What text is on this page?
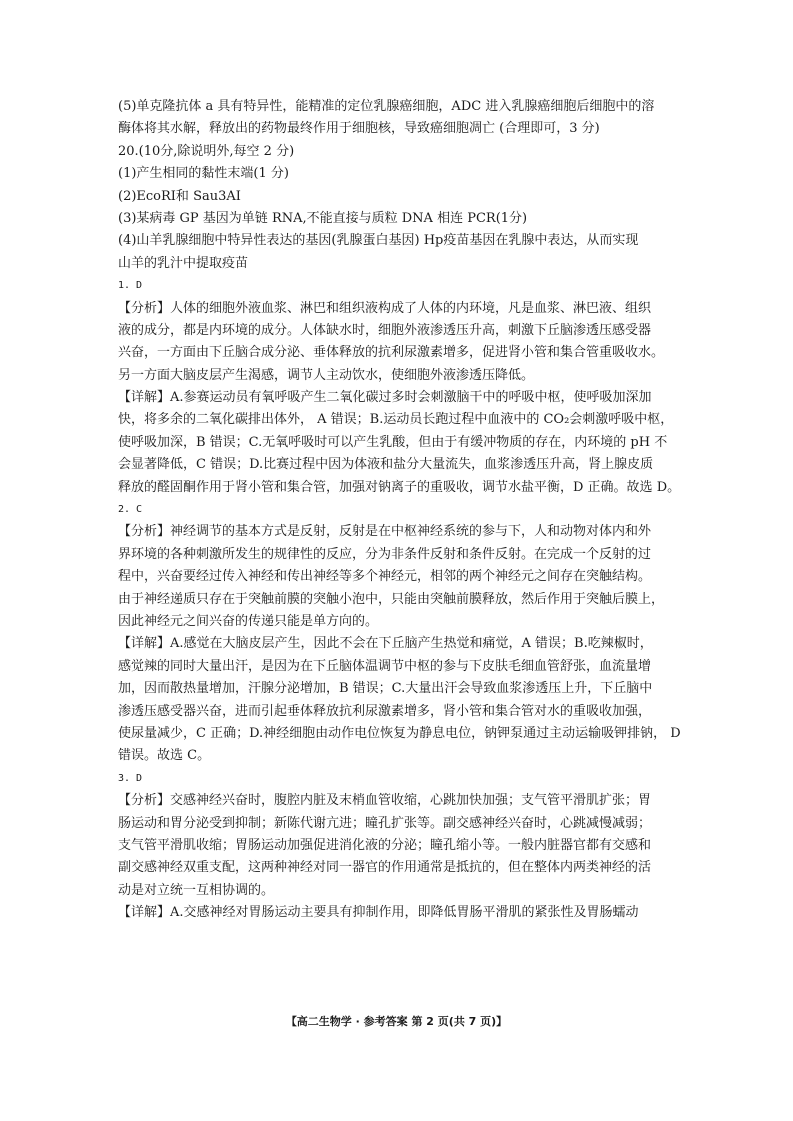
(5)单克隆抗体 a 具有特异性，能精准的定位乳腺癌细胞，ADC 进入乳腺癌细胞后细胞中的溶
酶体将其水解，释放出的药物最终作用于细胞核，导致癌细胞凋亡 (合理即可，3 分)
20.(10分,除说明外,每空 2 分)
(1)产生相同的黏性末端(1 分)
(2)EcoRI和 Sau3AI
(3)某病毒 GP 基因为单链 RNA,不能直接与质粒 DNA 相连 PCR(1分)
(4)山羊乳腺细胞中特异性表达的基因(乳腺蛋白基因) Hp疫苗基因在乳腺中表达，从而实现
山羊的乳汁中提取疫苗
1. D
【分析】人体的细胞外液血浆、淋巴和组织液构成了人体的内环境，凡是血浆、淋巴液、组织
液的成分，都是内环境的成分。人体缺水时，细胞外液渗透压升高，刺激下丘脑渗透压感受器
兴奋，一方面由下丘脑合成分泌、垂体释放的抗利尿激素增多，促进肾小管和集合管重吸收水。
另一方面大脑皮层产生渴感，调节人主动饮水，使细胞外液渗透压降低。
【详解】A.参赛运动员有氧呼吸产生二氧化碳过多时会刺激脑干中的呼吸中枢，使呼吸加深加
快，将多余的二氧化碳排出体外， A 错误；B.运动员长跑过程中血液中的 CO₂会刺激呼吸中枢，
使呼吸加深，B 错误；C.无氧呼吸时可以产生乳酸，但由于有缓冲物质的存在，内环境的 pH 不
会显著降低，C 错误；D.比赛过程中因为体液和盐分大量流失，血浆渗透压升高，肾上腺皮质
释放的醛固酮作用于肾小管和集合管，加强对钠离子的重吸收，调节水盐平衡，D 正确。故选 D。
2. C
【分析】神经调节的基本方式是反射，反射是在中枢神经系统的参与下，人和动物对体内和外
界环境的各种刺激所发生的规律性的反应，分为非条件反射和条件反射。在完成一个反射的过
程中，兴奋要经过传入神经和传出神经等多个神经元，相邻的两个神经元之间存在突触结构。
由于神经递质只存在于突触前膜的突触小泡中，只能由突触前膜释放，然后作用于突触后膜上，
因此神经元之间兴奋的传递只能是单方向的。
【详解】A.感觉在大脑皮层产生，因此不会在下丘脑产生热觉和痛觉，A 错误；B.吃辣椒时，
感觉辣的同时大量出汗，是因为在下丘脑体温调节中枢的参与下皮肤毛细血管舒张，血流量增
加，因而散热量增加，汗腺分泌增加，B 错误；C.大量出汗会导致血浆渗透压上升，下丘脑中
渗透压感受器兴奋，进而引起垂体释放抗利尿激素增多，肾小管和集合管对水的重吸收加强，
使尿量减少，C 正确；D.神经细胞由动作电位恢复为静息电位，钠钾泵通过主动运输吸钾排钠， D
错误。故选 C。
3. D
【分析】交感神经兴奋时，腹腔内脏及末梢血管收缩，心跳加快加强；支气管平滑肌扩张；胃
肠运动和胃分泌受到抑制；新陈代谢亢进；瞳孔扩张等。副交感神经兴奋时，心跳减慢减弱；
支气管平滑肌收缩；胃肠运动加强促进消化液的分泌；瞳孔缩小等。一般内脏器官都有交感和
副交感神经双重支配，这两种神经对同一器官的作用通常是抵抗的，但在整体内两类神经的活
动是对立统一互相协调的。
【详解】A.交感神经对胃肠运动主要具有抑制作用，即降低胃肠平滑肌的紧张性及胃肠蠕动
【高二生物学 · 参考答案 第 2 页(共 7 页)】
